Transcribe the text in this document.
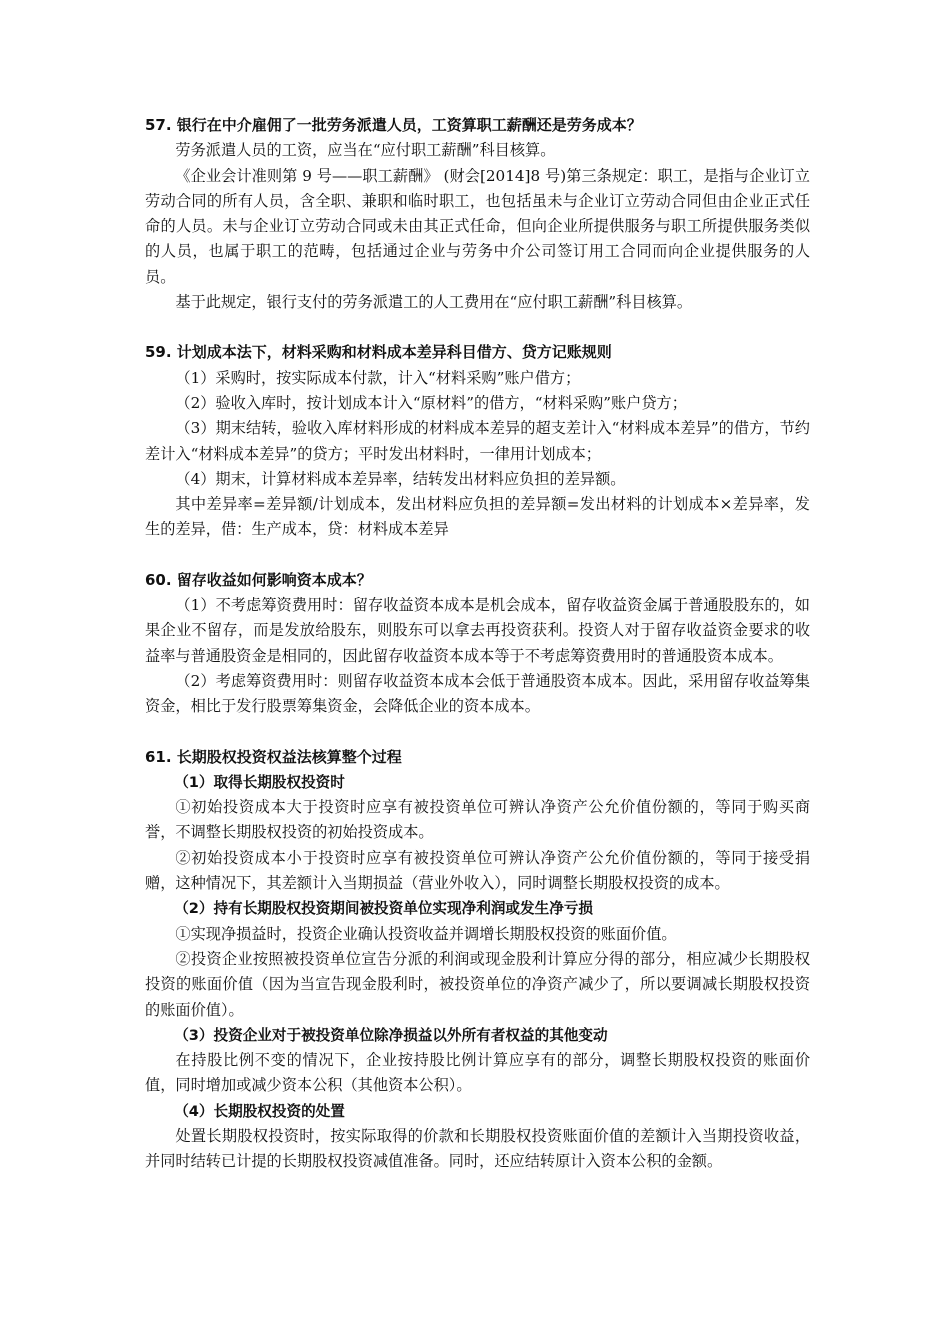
57. 银行在中介雇佣了一批劳务派遣人员，工资算职工薪酬还是劳务成本？

劳务派遣人员的工资，应当在“应付职工薪酬”科目核算。

《企业会计准则第 9 号——职工薪酬》 (财会[2014]8 号)第三条规定：职工，是指与企业订立劳动合同的所有人员，含全职、兼职和临时职工，也包括虽未与企业订立劳动合同但由企业正式任命的人员。未与企业订立劳动合同或未由其正式任命，但向企业所提供服务与职工所提供服务类似的人员，也属于职工的范畴，包括通过企业与劳务中介公司签订用工合同而向企业提供服务的人员。

基于此规定，银行支付的劳务派遣工的人工费用在“应付职工薪酬”科目核算。

59. 计划成本法下，材料采购和材料成本差异科目借方、贷方记账规则

（1）采购时，按实际成本付款，计入“材料采购”账户借方；

（2）验收入库时，按计划成本计入“原材料”的借方，“材料采购”账户贷方；

（3）期末结转，验收入库材料形成的材料成本差异的超支差计入“材料成本差异”的借方，节约差计入“材料成本差异”的贷方；平时发出材料时，一律用计划成本；

（4）期末，计算材料成本差异率，结转发出材料应负担的差异额。

其中差异率=差异额/计划成本，发出材料应负担的差异额=发出材料的计划成本×差异率，发生的差异，借：生产成本，贷：材料成本差异

60. 留存收益如何影响资本成本？

（1）不考虑筹资费用时：留存收益资本成本是机会成本，留存收益资金属于普通股股东的，如果企业不留存，而是发放给股东，则股东可以拿去再投资获利。投资人对于留存收益资金要求的收益率与普通股资金是相同的，因此留存收益资本成本等于不考虑筹资费用时的普通股资本成本。

（2）考虑筹资费用时：则留存收益资本成本会低于普通股资本成本。因此，采用留存收益筹集资金，相比于发行股票筹集资金，会降低企业的资本成本。

61. 长期股权投资权益法核算整个过程

（1）取得长期股权投资时

①初始投资成本大于投资时应享有被投资单位可辨认净资产公允价值份额的，等同于购买商誉，不调整长期股权投资的初始投资成本。

②初始投资成本小于投资时应享有被投资单位可辨认净资产公允价值份额的，等同于接受捐赠，这种情况下，其差额计入当期损益（营业外收入），同时调整长期股权投资的成本。

（2）持有长期股权投资期间被投资单位实现净利润或发生净亏损

①实现净损益时，投资企业确认投资收益并调增长期股权投资的账面价值。

②投资企业按照被投资单位宣告分派的利润或现金股利计算应分得的部分，相应减少长期股权投资的账面价值（因为当宣告现金股利时，被投资单位的净资产减少了，所以要调减长期股权投资的账面价值）。

（3）投资企业对于被投资单位除净损益以外所有者权益的其他变动

在持股比例不变的情况下，企业按持股比例计算应享有的部分，调整长期股权投资的账面价值，同时增加或减少资本公积（其他资本公积）。

（4）长期股权投资的处置

处置长期股权投资时，按实际取得的价款和长期股权投资账面价值的差额计入当期投资收益，并同时结转已计提的长期股权投资减值准备。同时，还应结转原计入资本公积的金额。
